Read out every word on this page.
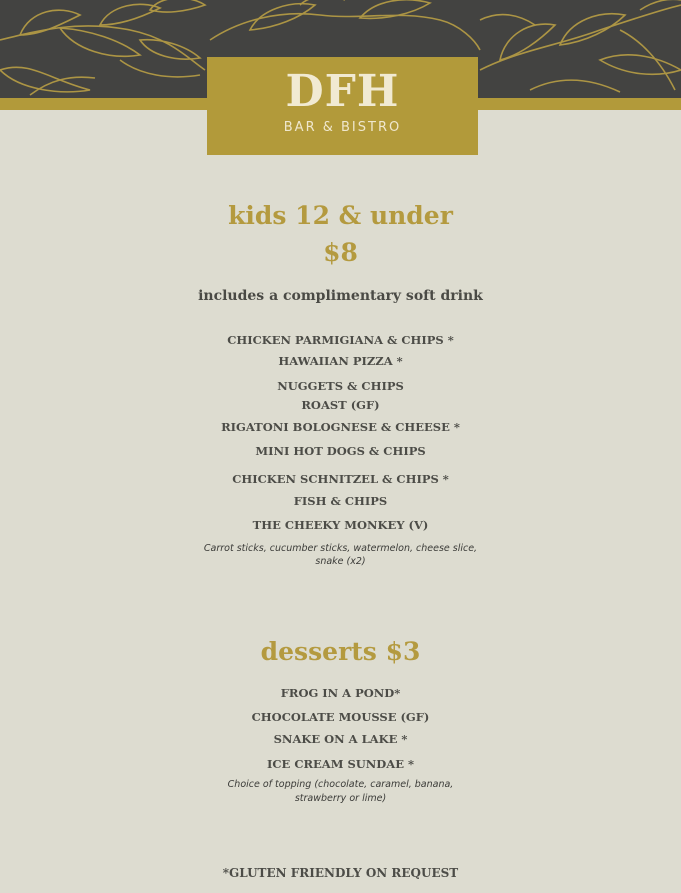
DFH
BAR & BISTRO
kids 12 & under
$8
includes a complimentary soft drink
CHICKEN PARMIGIANA & CHIPS *
HAWAIIAN PIZZA *
NUGGETS & CHIPS
ROAST (GF)
RIGATONI BOLOGNESE & CHEESE *
MINI HOT DOGS & CHIPS
CHICKEN SCHNITZEL & CHIPS *
FISH & CHIPS
THE CHEEKY MONKEY (V)
Carrot sticks, cucumber sticks, watermelon, cheese slice,
snake (x2)
desserts $3
FROG IN A POND*
CHOCOLATE MOUSSE (GF)
SNAKE ON A LAKE *
ICE CREAM SUNDAE *
Choice of topping (chocolate, caramel, banana,
strawberry or lime)
*GLUTEN FRIENDLY ON REQUEST
